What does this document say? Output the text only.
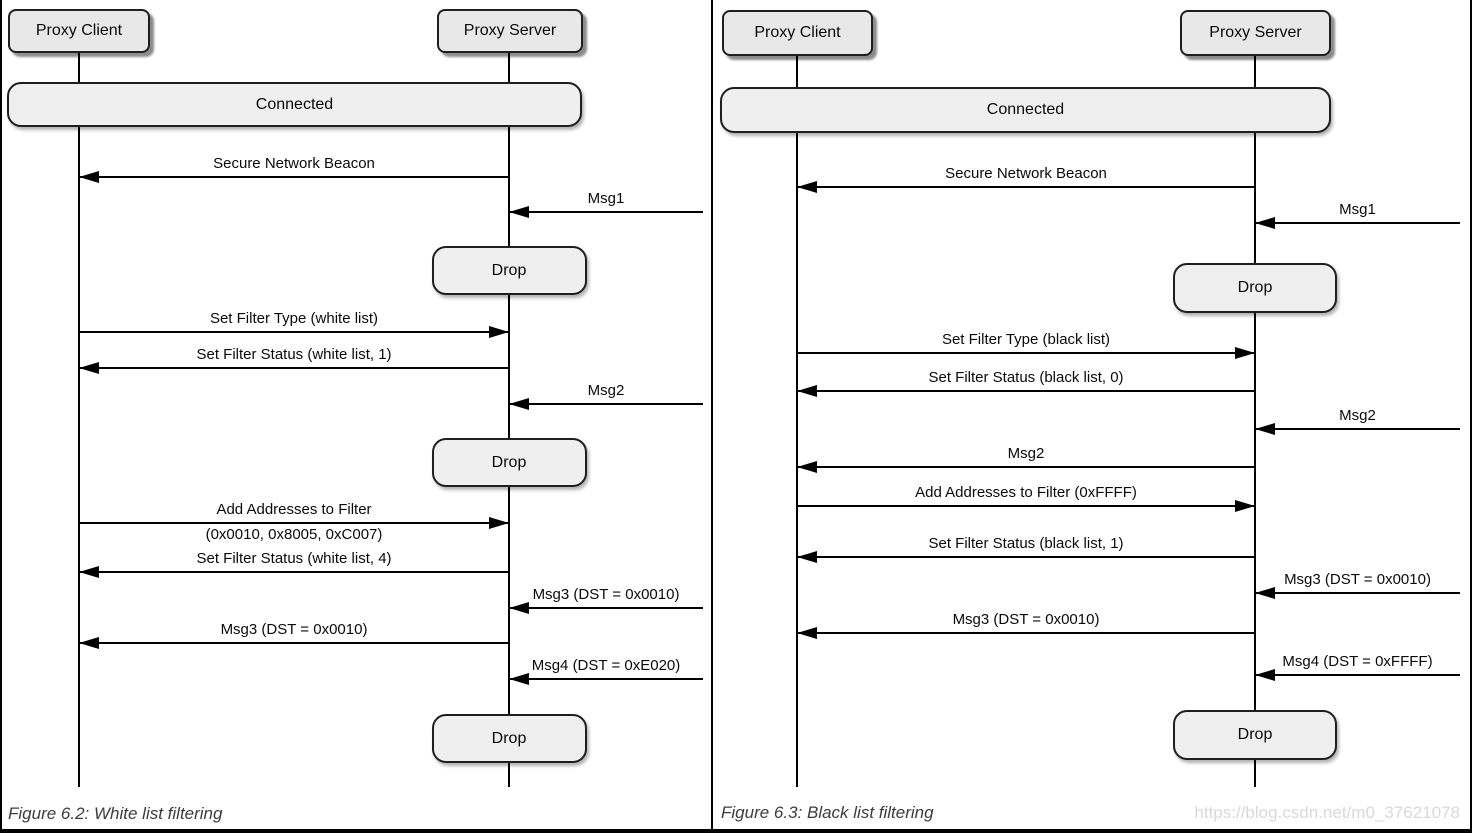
Proxy Client	Proxy Server
Connected
Secure Network Beacon
Msg1
Drop
Set Filter Type (white list)
Set Filter Status (white list, 1)
Msg2
Drop
Add Addresses to Filter
(0x0010, 0x8005, 0xC007)
Set Filter Status (white list, 4)
Msg3 (DST = 0x0010)
Msg3 (DST = 0x0010)
Msg4 (DST = 0xE020)
Drop
Figure 6.2: White list filtering
Proxy Client	Proxy Server
Connected
Secure Network Beacon
Msg1
Drop
Set Filter Type (black list)
Set Filter Status (black list, 0)
Msg2
Msg2
Add Addresses to Filter (0xFFFF)
Set Filter Status (black list, 1)
Msg3 (DST = 0x0010)
Msg3 (DST = 0x0010)
Msg4 (DST = 0xFFFF)
Drop
Figure 6.3: Black list filtering	https://blog.csdn.net/m0_37621078
